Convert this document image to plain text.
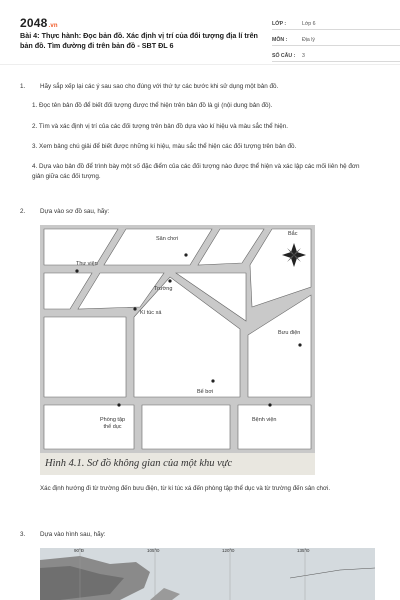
2048.vn
Bài 4: Thực hành: Đọc bản đồ. Xác định vị trí của đối tượng địa lí trên bản đồ. Tìm đường đi trên bản đồ - SBT ĐL 6
LỚP :	Lớp 6
MÔN :	Địa lý
SỐ CÂU :	3
1. Hãy sắp xếp lại các ý sau sao cho đúng với thứ tự các bước khi sử dụng một bản đồ.
1. Đọc tên bản đồ để biết đối tượng được thể hiện trên bản đồ là gì (nội dung bản đồ).
2. Tìm và xác định vị trí của các đối tượng trên bản đồ dựa vào kí hiệu và màu sắc thể hiện.
3. Xem bảng chú giải để biết được những kí hiệu, màu sắc thể hiện các đối tượng trên bản đồ.
4. Dựa vào bản đồ để trình bày một số đặc điểm của các đối tượng nào được thể hiện và xác lập các mối liên hệ đơn giản giữa các đối tượng.
2. Dựa vào sơ đồ sau, hãy:
Sân chơi
Bắc
Thư viện
Trường
Kí túc xá
Bưu điện
Bể bơi
Phòng tập
thể dục
Bệnh viện
Hình 4.1. Sơ đồ không gian của một khu vực
Xác định hướng đi từ trường đến bưu điện, từ kí túc xá đến phòng tập thể dục và từ trường đến sân chơi.
3. Dựa vào hình sau, hãy:
90°Đ	105°Đ	120°Đ	135°Đ
